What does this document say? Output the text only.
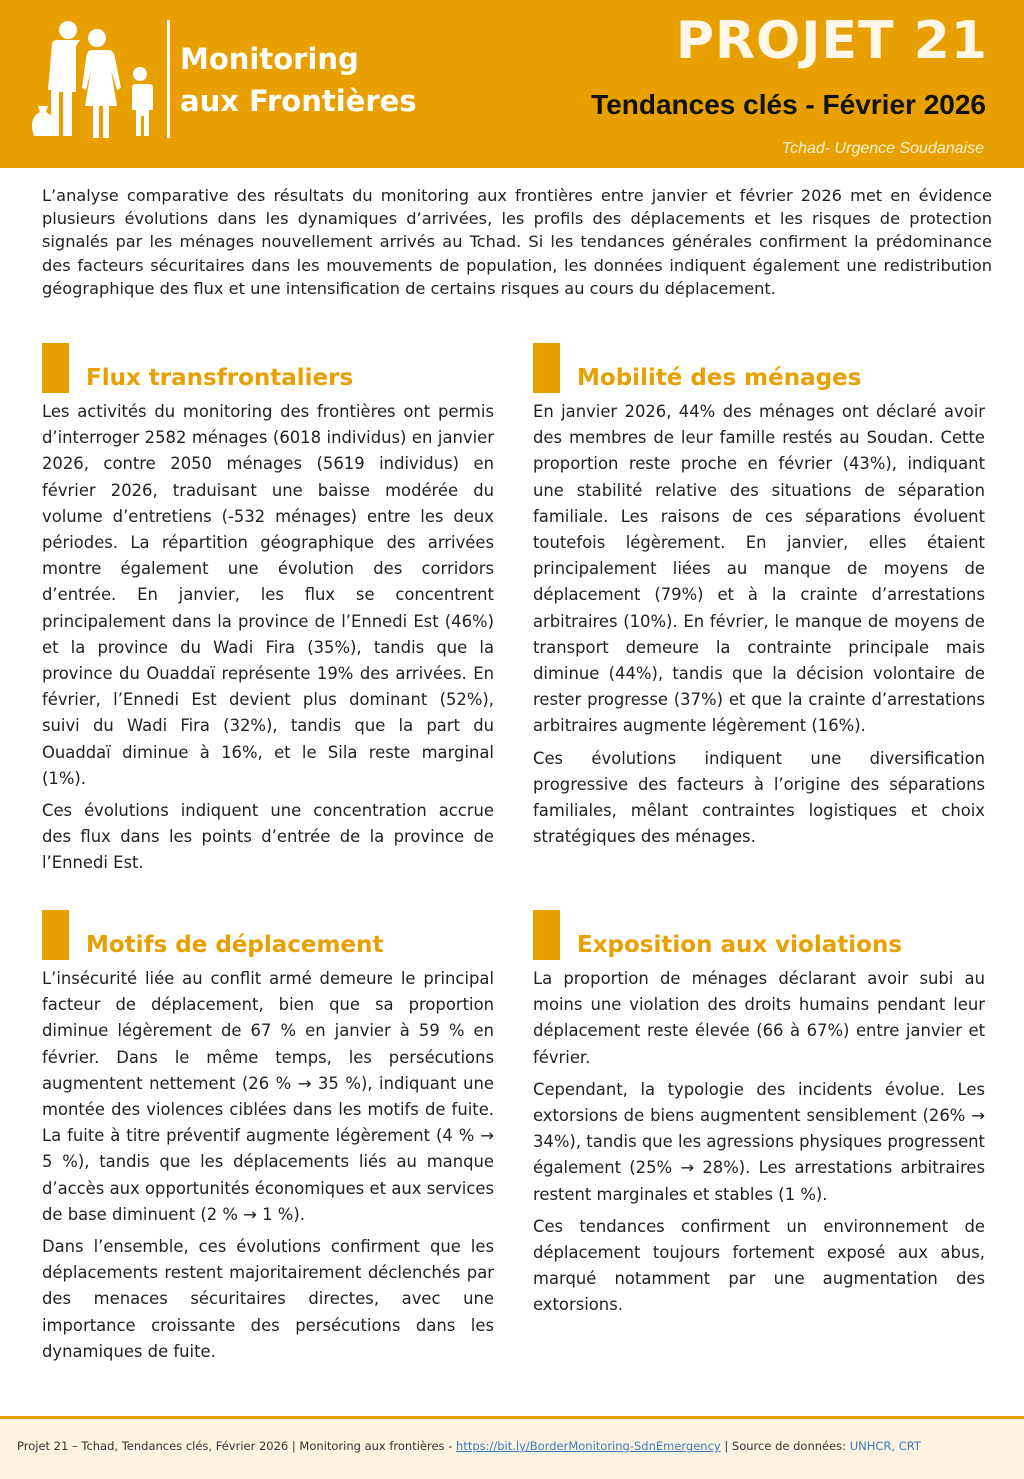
Monitoring
aux Frontières
PROJET 21
Tendances clés - Février 2026
Tchad- Urgence Soudanaise

L’analyse comparative des résultats du monitoring aux frontières entre janvier et février 2026 met en évidence plusieurs évolutions dans les dynamiques d’arrivées, les profils des déplacements et les risques de protection signalés par les ménages nouvellement arrivés au Tchad. Si les tendances générales confirment la prédominance des facteurs sécuritaires dans les mouvements de population, les données indiquent également une redistribution géographique des flux et une intensification de certains risques au cours du déplacement.

Flux transfrontaliers

Les activités du monitoring des frontières ont permis d’interroger 2582 ménages (6018 individus) en janvier 2026, contre 2050 ménages (5619 individus) en février 2026, traduisant une baisse modérée du volume d’entretiens (-532 ménages) entre les deux périodes. La répartition géographique des arrivées montre également une évolution des corridors d’entrée. En janvier, les flux se concentrent principalement dans la province de l’Ennedi Est (46%) et la province du Wadi Fira (35%), tandis que la province du Ouaddaï représente 19% des arrivées. En février, l’Ennedi Est devient plus dominant (52%), suivi du Wadi Fira (32%), tandis que la part du Ouaddaï diminue à 16%, et le Sila reste marginal (1%).

Ces évolutions indiquent une concentration accrue des flux dans les points d’entrée de la province de l’Ennedi Est.

Mobilité des ménages

En janvier 2026, 44% des ménages ont déclaré avoir des membres de leur famille restés au Soudan. Cette proportion reste proche en février (43%), indiquant une stabilité relative des situations de séparation familiale. Les raisons de ces séparations évoluent toutefois légèrement. En janvier, elles étaient principalement liées au manque de moyens de déplacement (79%) et à la crainte d’arrestations arbitraires (10%). En février, le manque de moyens de transport demeure la contrainte principale mais diminue (44%), tandis que la décision volontaire de rester progresse (37%) et que la crainte d’arrestations arbitraires augmente légèrement (16%).

Ces évolutions indiquent une diversification progressive des facteurs à l’origine des séparations familiales, mêlant contraintes logistiques et choix stratégiques des ménages.

Motifs de déplacement

L’insécurité liée au conflit armé demeure le principal facteur de déplacement, bien que sa proportion diminue légèrement de 67 % en janvier à 59 % en février. Dans le même temps, les persécutions augmentent nettement (26 % → 35 %), indiquant une montée des violences ciblées dans les motifs de fuite. La fuite à titre préventif augmente légèrement (4 % → 5 %), tandis que les déplacements liés au manque d’accès aux opportunités économiques et aux services de base diminuent (2 % → 1 %).

Dans l’ensemble, ces évolutions confirment que les déplacements restent majoritairement déclenchés par des menaces sécuritaires directes, avec une importance croissante des persécutions dans les dynamiques de fuite.

Exposition aux violations

La proportion de ménages déclarant avoir subi au moins une violation des droits humains pendant leur déplacement reste élevée (66 à 67%) entre janvier et février.

Cependant, la typologie des incidents évolue. Les extorsions de biens augmentent sensiblement (26% → 34%), tandis que les agressions physiques progressent également (25% → 28%). Les arrestations arbitraires restent marginales et stables (1 %).

Ces tendances confirment un environnement de déplacement toujours fortement exposé aux abus, marqué notamment par une augmentation des extorsions.

Projet 21 – Tchad, Tendances clés, Février 2026 | Monitoring aux frontières - https://bit.ly/BorderMonitoring-SdnEmergency | Source de données: UNHCR, CRT
